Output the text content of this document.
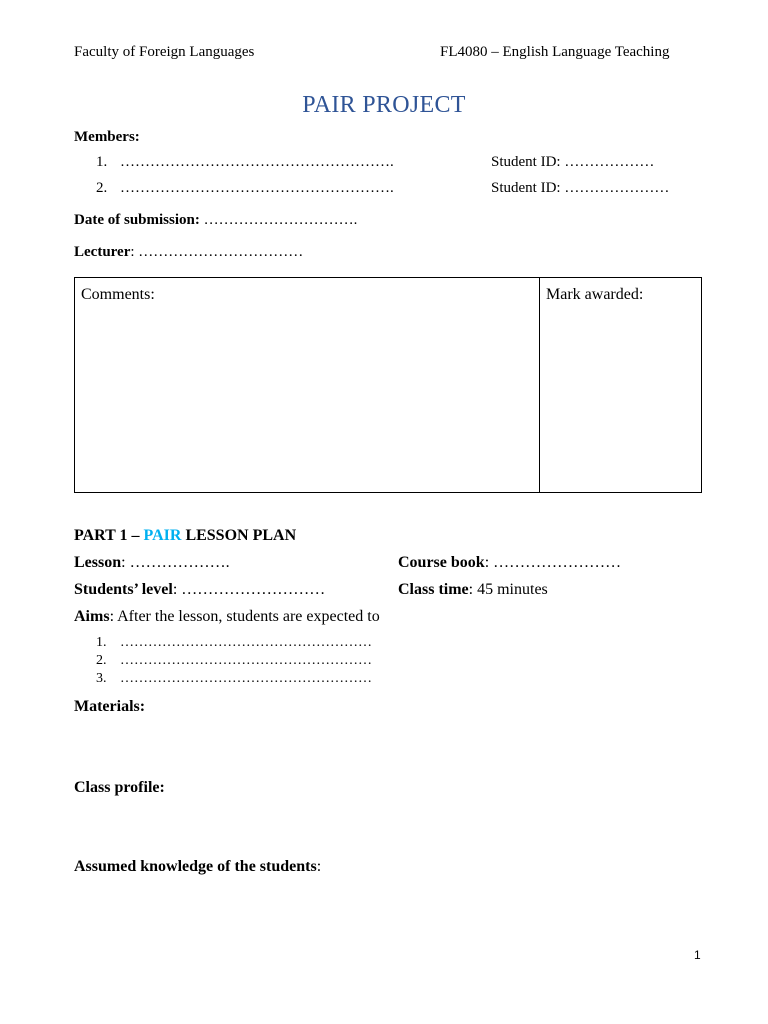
Faculty of Foreign Languages	FL4080 – English Language Teaching
PAIR PROJECT
Members:
1. ……………………………………………….	Student ID: ………………
2. ……………………………………………….	Student ID: …………………
Date of submission: ………………………….
Lecturer: ……………………………
Comments:	Mark awarded:
PART 1 – PAIR LESSON PLAN
Lesson: ……………….	Course book: ……………………
Students’ level: ………………………	Class time: 45 minutes
Aims: After the lesson, students are expected to
1. ………………………………………………
2. ………………………………………………
3. ………………………………………………
Materials:
Class profile:
Assumed knowledge of the students:
1
